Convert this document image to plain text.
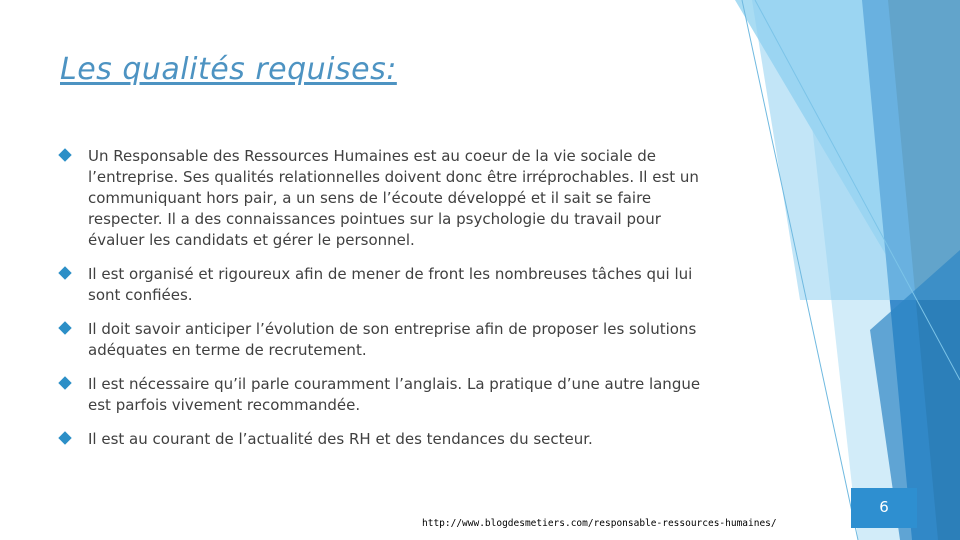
Les qualités requises:
Un Responsable des Ressources Humaines est au coeur de la vie sociale de l’entreprise. Ses qualités relationnelles doivent donc être irréprochables. Il est un communiquant hors pair, a un sens de l’écoute développé et il sait se faire respecter. Il a des connaissances pointues sur la psychologie du travail pour évaluer les candidats et gérer le personnel.
Il est organisé et rigoureux afin de mener de front les nombreuses tâches qui lui sont confiées.
Il doit savoir anticiper l’évolution de son entreprise afin de proposer les solutions adéquates en terme de recrutement.
Il est nécessaire qu’il parle couramment l’anglais. La pratique d’une autre langue est parfois vivement recommandée.
Il est au courant de l’actualité des RH et des tendances du secteur.
6
http://www.blogdesmetiers.com/responsable-ressources-humaines/
